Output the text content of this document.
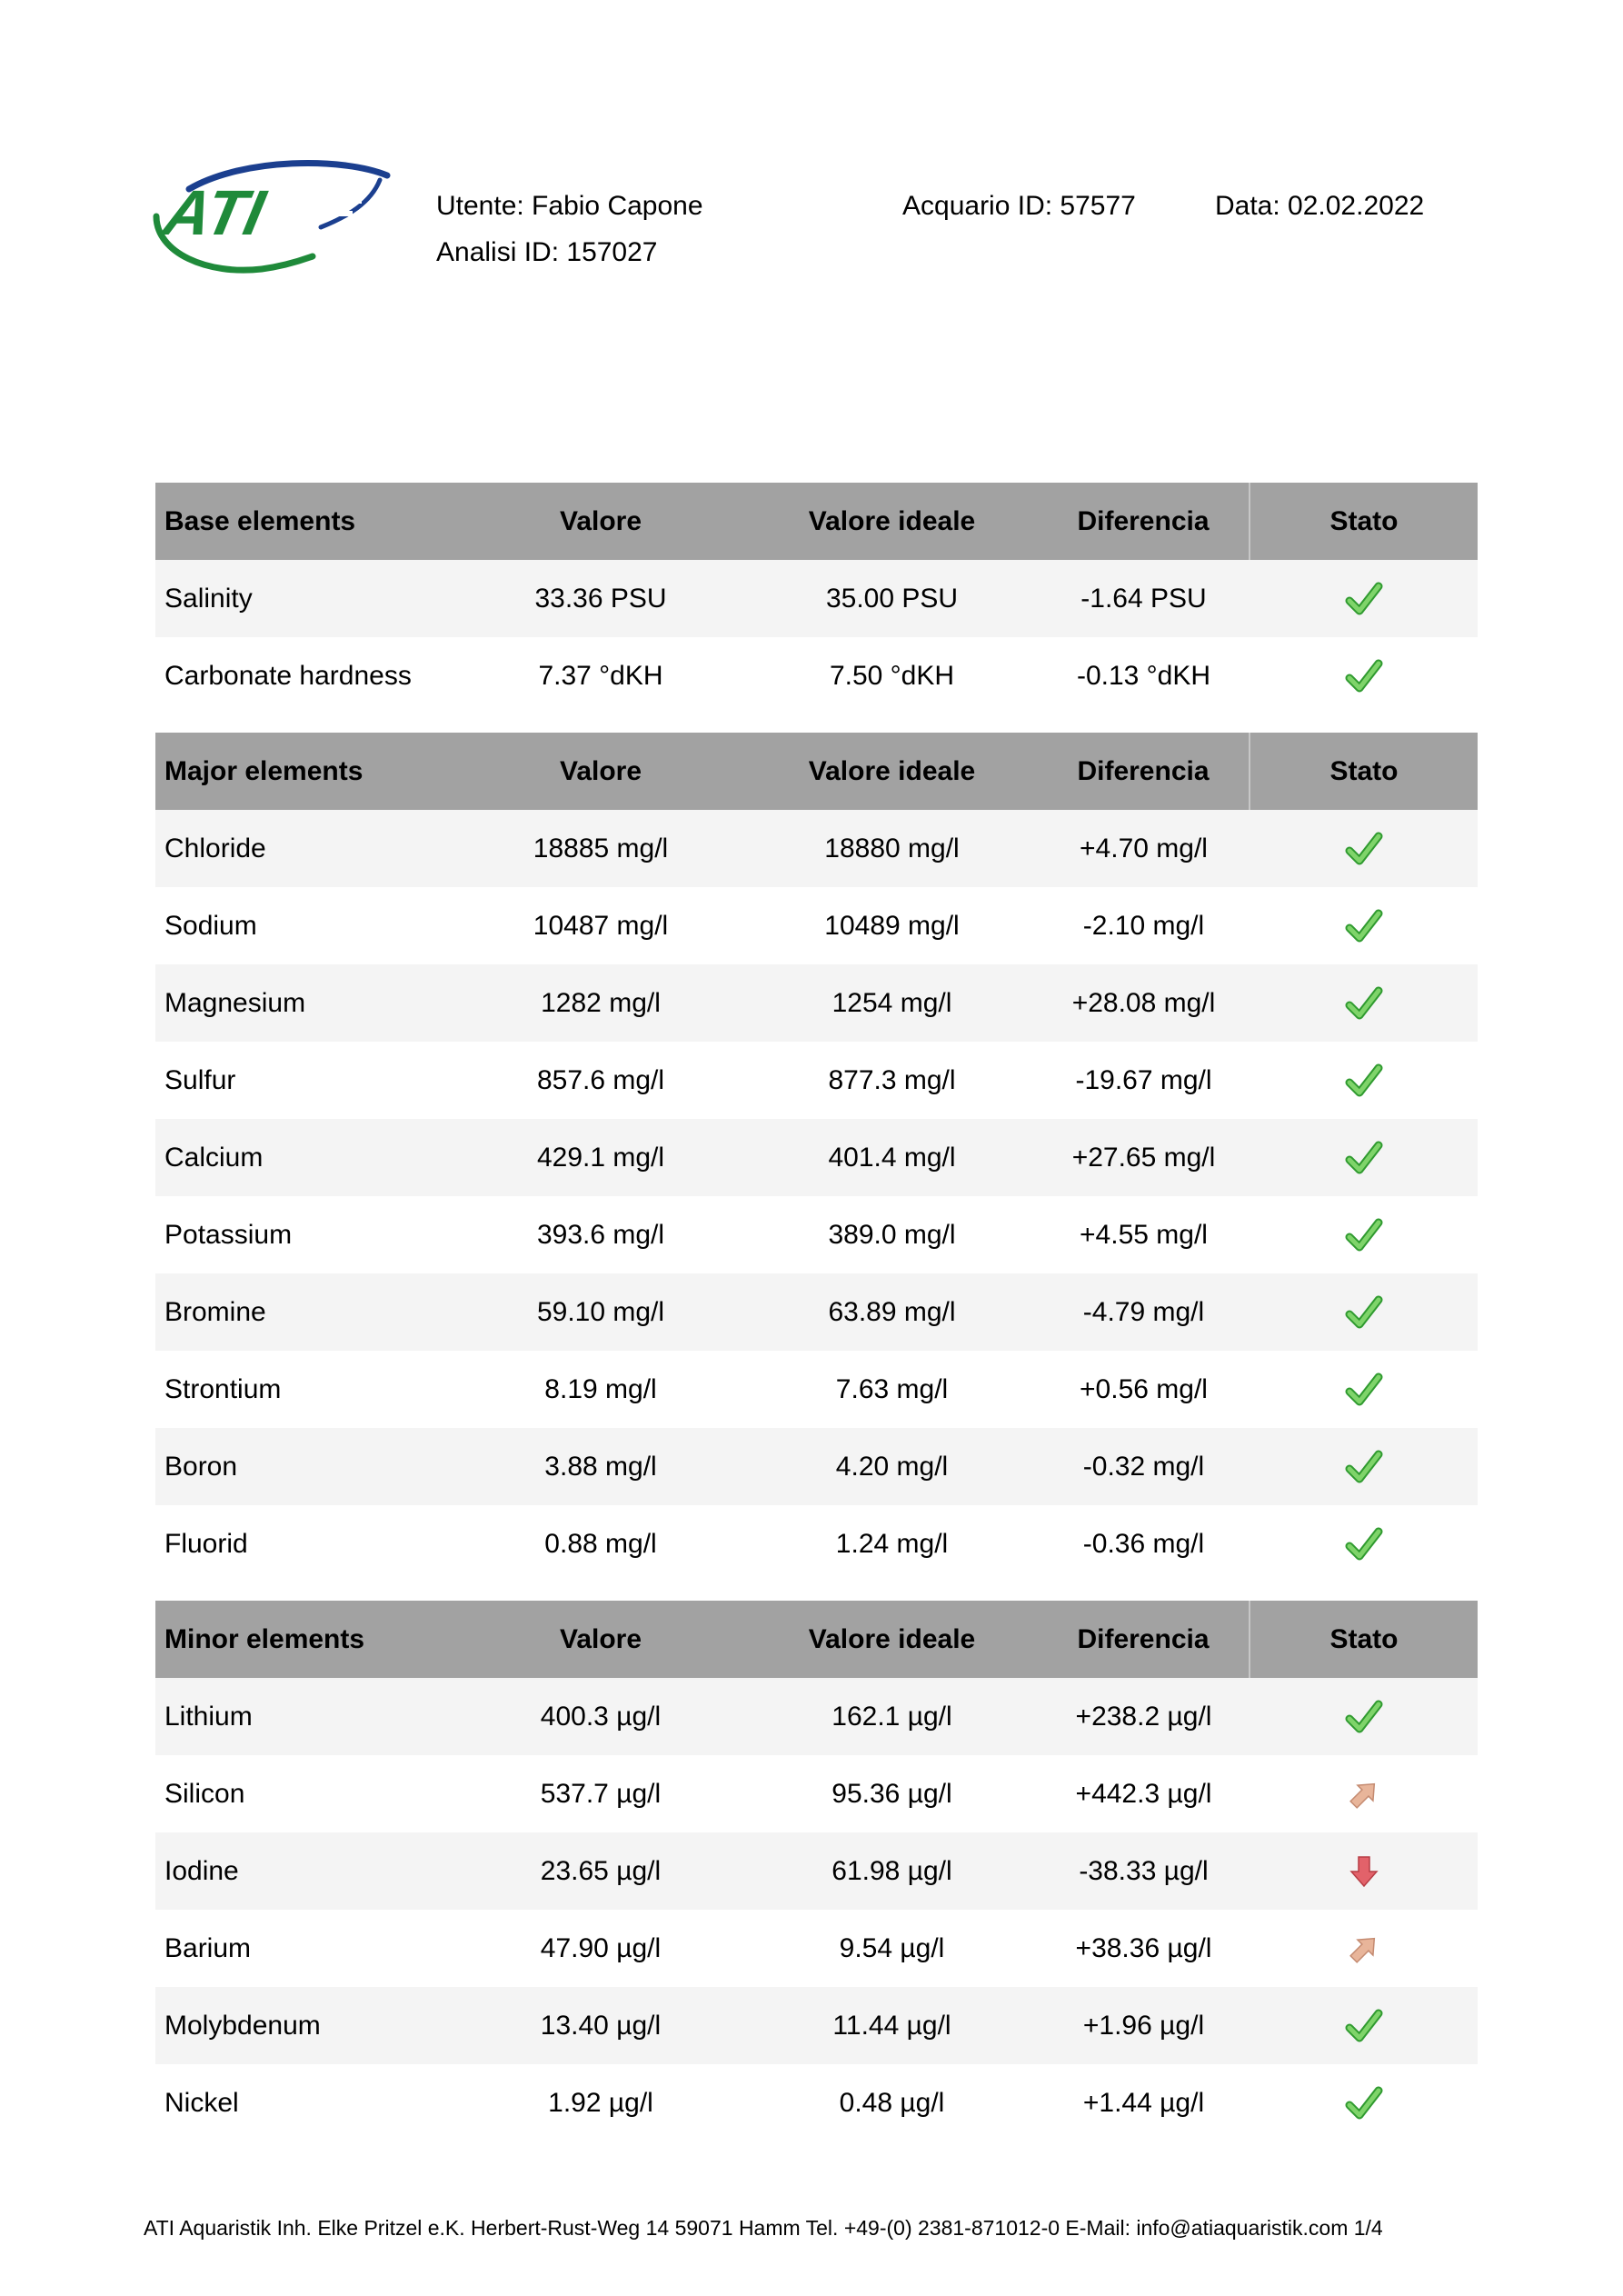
ATI	Utente: Fabio Capone
Analisi ID: 157027
Acquario ID: 57577	Data: 02.02.2022
Base elements	Valore	Valore ideale	Diferencia	Stato
Salinity	33.36 PSU	35.00 PSU	-1.64 PSU	
Carbonate hardness	7.37 °dKH	7.50 °dKH	-0.13 °dKH	

Major elements	Valore	Valore ideale	Diferencia	Stato
Chloride	18885 mg/l	18880 mg/l	+4.70 mg/l	
Sodium	10487 mg/l	10489 mg/l	-2.10 mg/l	
Magnesium	1282 mg/l	1254 mg/l	+28.08 mg/l	
Sulfur	857.6 mg/l	877.3 mg/l	-19.67 mg/l	
Calcium	429.1 mg/l	401.4 mg/l	+27.65 mg/l	
Potassium	393.6 mg/l	389.0 mg/l	+4.55 mg/l	
Bromine	59.10 mg/l	63.89 mg/l	-4.79 mg/l	
Strontium	8.19 mg/l	7.63 mg/l	+0.56 mg/l	
Boron	3.88 mg/l	4.20 mg/l	-0.32 mg/l	
Fluorid	0.88 mg/l	1.24 mg/l	-0.36 mg/l	

Minor elements	Valore	Valore ideale	Diferencia	Stato
Lithium	400.3 µg/l	162.1 µg/l	+238.2 µg/l	
Silicon	537.7 µg/l	95.36 µg/l	+442.3 µg/l	
Iodine	23.65 µg/l	61.98 µg/l	-38.33 µg/l	
Barium	47.90 µg/l	9.54 µg/l	+38.36 µg/l	
Molybdenum	13.40 µg/l	11.44 µg/l	+1.96 µg/l	
Nickel	1.92 µg/l	0.48 µg/l	+1.44 µg/l	
ATI Aquaristik Inh. Elke Pritzel e.K. Herbert-Rust-Weg 14 59071 Hamm Tel. +49-(0) 2381-871012-0 E-Mail: info@atiaquaristik.com 1/4
